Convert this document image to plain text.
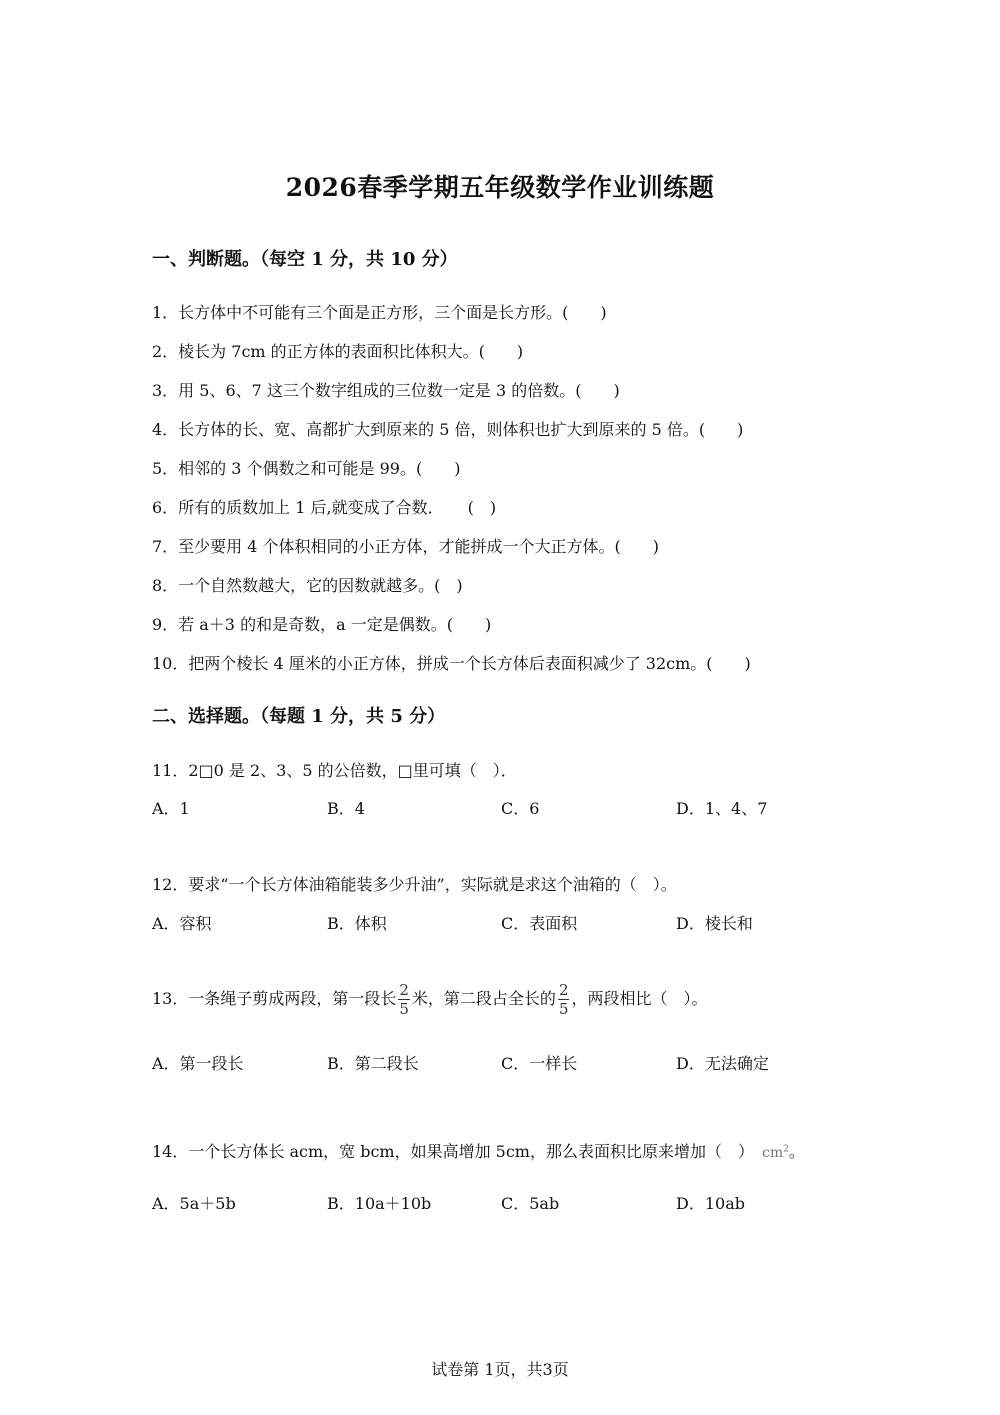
2026春季学期五年级数学作业训练题
一、判断题。（每空 1 分，共 10 分）
1．长方体中不可能有三个面是正方形，三个面是长方形。(　　)
2．棱长为 7cm 的正方体的表面积比体积大。(　　)
3．用 5、6、7 这三个数字组成的三位数一定是 3 的倍数。(　　)
4．长方体的长、宽、高都扩大到原来的 5 倍，则体积也扩大到原来的 5 倍。(　　)
5．相邻的 3 个偶数之和可能是 99。(　　)
6．所有的质数加上 1 后,就变成了合数．　　(　)
7．至少要用 4 个体积相同的小正方体，才能拼成一个大正方体。(　　)
8．一个自然数越大，它的因数就越多。(　)
9．若 a＋3 的和是奇数，a 一定是偶数。(　　)
10．把两个棱长 4 厘米的小正方体，拼成一个长方体后表面积减少了 32cm。(　　)
二、选择题。（每题 1 分，共 5 分）
11．2□0 是 2、3、5 的公倍数，□里可填（　）．
A．1	B．4	C．6	D．1、4、7
12．要求“一个长方体油箱能装多少升油”，实际就是求这个油箱的（　）。
A．容积	B．体积	C．表面积	D．棱长和
13．一条绳子剪成两段，第一段长 $\frac{2}{5}$ 米，第二段占全长的 $\frac{2}{5}$ ，两段相比（　）。
A．第一段长	B．第二段长	C．一样长	D．无法确定
14．一个长方体长 acm，宽 bcm，如果高增加 5cm，那么表面积比原来增加（　） $cm^2$。
A．5a＋5b	B．10a＋10b	C．5ab	D．10ab
试卷第 1页，共3页
